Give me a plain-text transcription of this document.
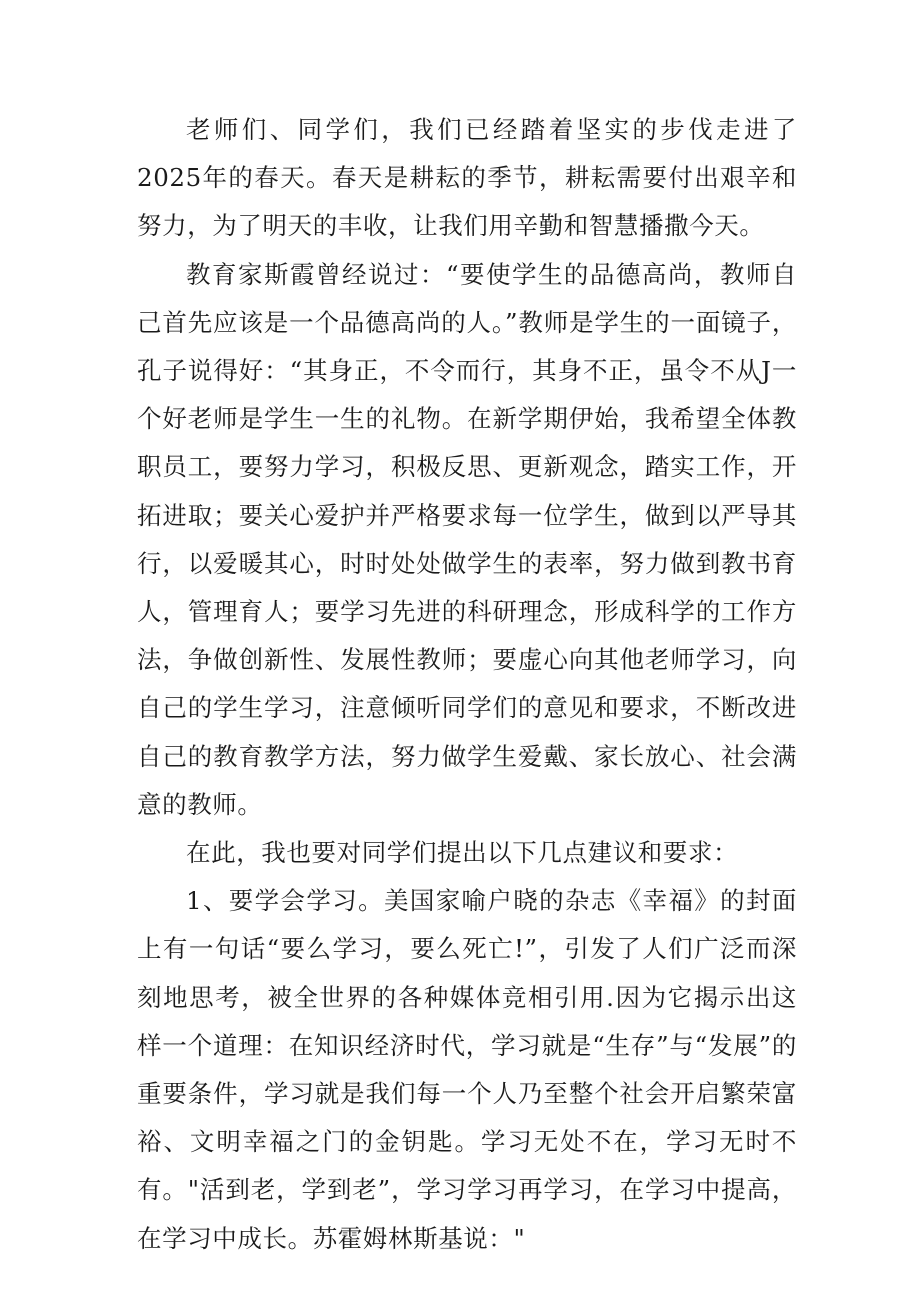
老师们、同学们，我们已经踏着坚实的步伐走进了2025年的春天。春天是耕耘的季节，耕耘需要付出艰辛和努力，为了明天的丰收，让我们用辛勤和智慧播撒今天。

教育家斯霞曾经说过：“要使学生的品德高尚，教师自己首先应该是一个品德高尚的人。”教师是学生的一面镜子，孔子说得好：“其身正，不令而行，其身不正，虽令不从J一个好老师是学生一生的礼物。在新学期伊始，我希望全体教职员工，要努力学习，积极反思、更新观念，踏实工作，开拓进取；要关心爱护并严格要求每一位学生，做到以严导其行，以爱暖其心，时时处处做学生的表率，努力做到教书育人，管理育人；要学习先进的科研理念，形成科学的工作方法，争做创新性、发展性教师；要虚心向其他老师学习，向自己的学生学习，注意倾听同学们的意见和要求，不断改进自己的教育教学方法，努力做学生爱戴、家长放心、社会满意的教师。

在此，我也要对同学们提出以下几点建议和要求：

1、要学会学习。美国家喻户晓的杂志《幸福》的封面上有一句话“要么学习，要么死亡!”，引发了人们广泛而深刻地思考，被全世界的各种媒体竞相引用.因为它揭示出这样一个道理：在知识经济时代，学习就是“生存”与“发展”的重要条件，学习就是我们每一个人乃至整个社会开启繁荣富裕、文明幸福之门的金钥匙。学习无处不在，学习无时不有。"活到老，学到老”，学习学习再学习，在学习中提高，在学习中成长。苏霍姆林斯基说："
